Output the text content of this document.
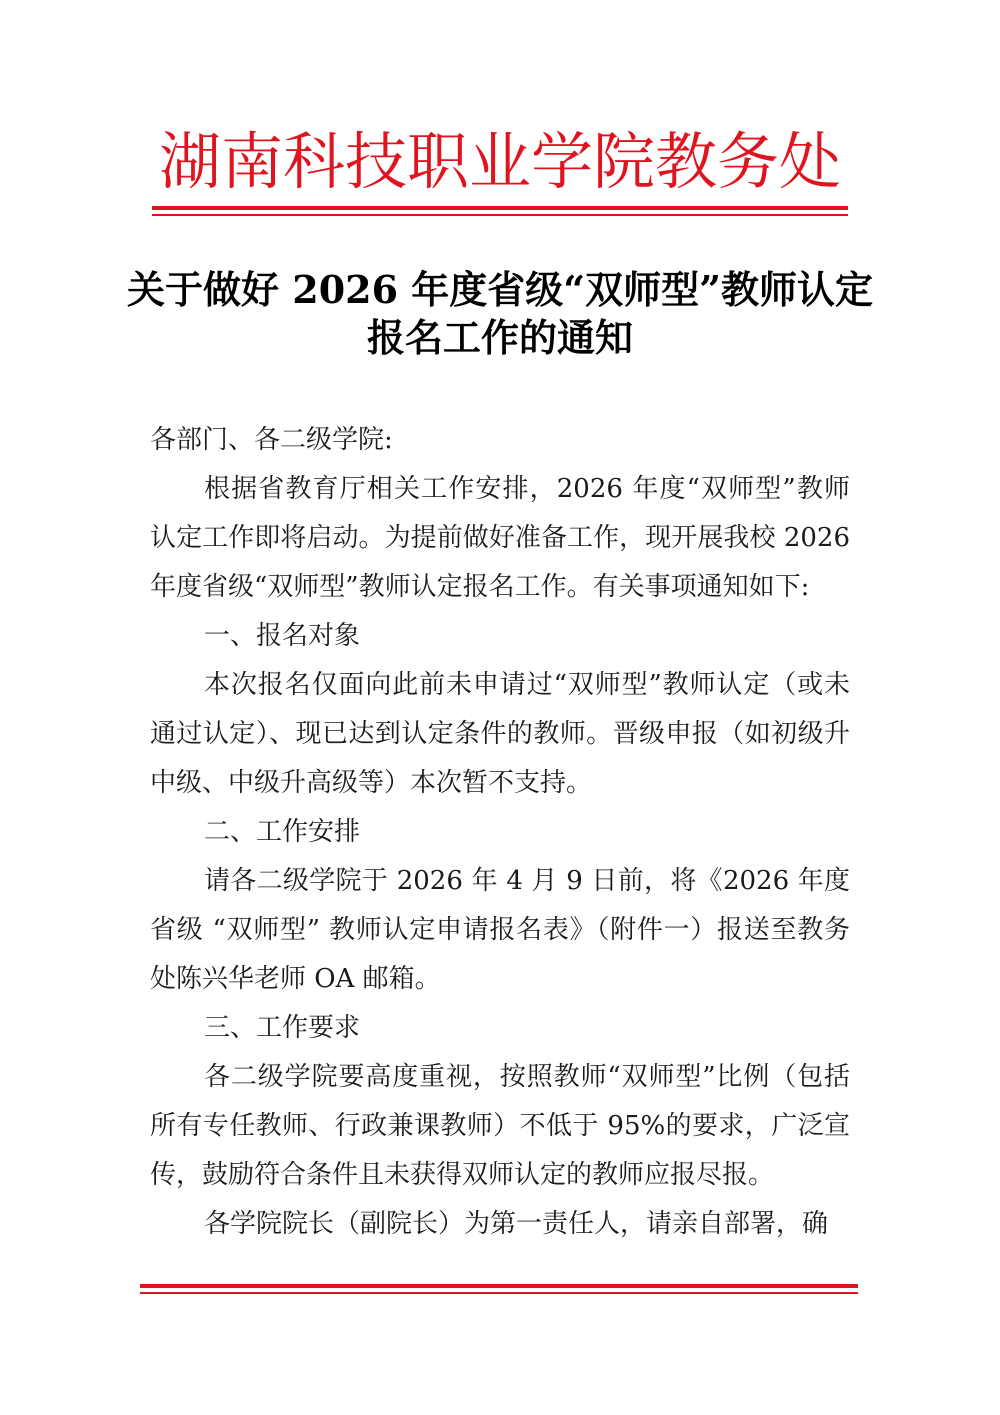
湖南科技职业学院教务处
关于做好 2026 年度省级“双师型”教师认定
报名工作的通知

各部门、各二级学院:

根据省教育厅相关工作安排，2026 年度“双师型”教师认定工作即将启动。为提前做好准备工作，现开展我校 2026 年度省级“双师型”教师认定报名工作。有关事项通知如下:

一、报名对象

本次报名仅面向此前未申请过“双师型”教师认定（或未通过认定）、现已达到认定条件的教师。晋级申报（如初级升中级、中级升高级等）本次暂不支持。

二、工作安排

请各二级学院于 2026 年 4 月 9 日前，将《2026 年度省级 “双师型” 教师认定申请报名表》（附件一）报送至教务处陈兴华老师 OA 邮箱。

三、工作要求

各二级学院要高度重视，按照教师“双师型”比例（包括所有专任教师、行政兼课教师）不低于 95%的要求，广泛宣传，鼓励符合条件且未获得双师认定的教师应报尽报。

各学院院长（副院长）为第一责任人，请亲自部署，确
